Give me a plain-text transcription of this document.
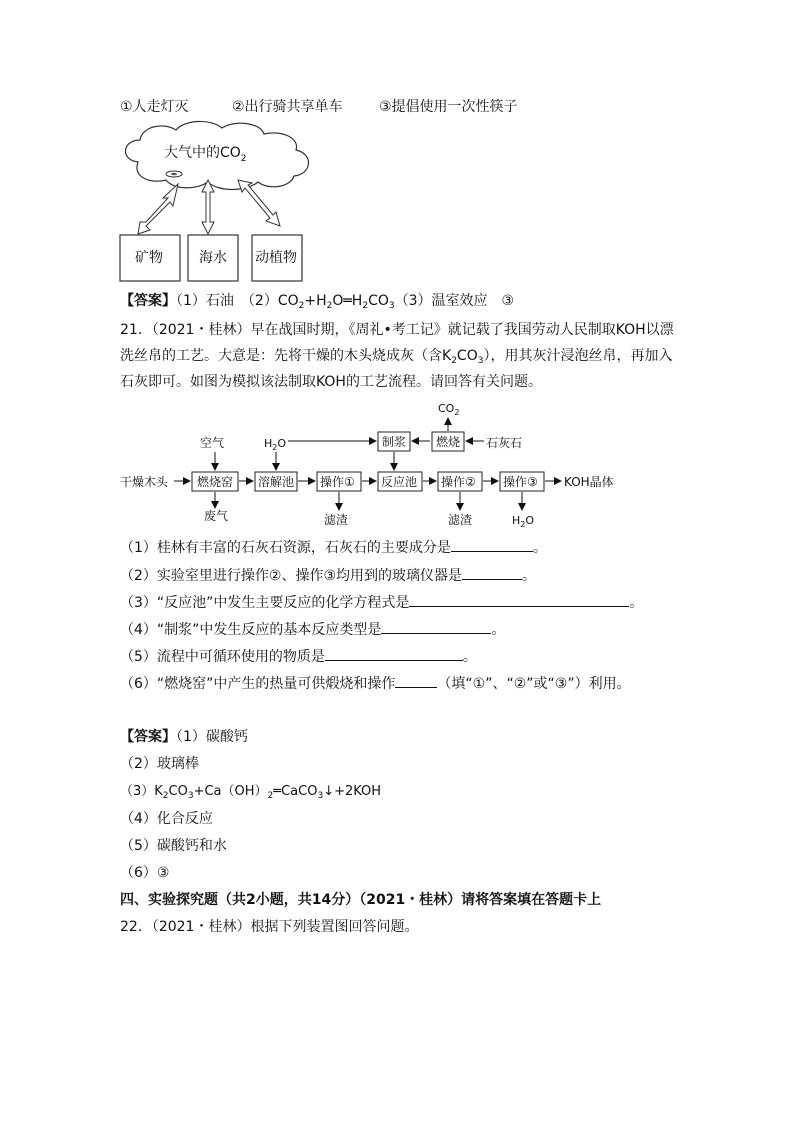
①人走灯灭	②出行骑共享单车	③提倡使用一次性筷子
大气中的$CO_2$
矿物	海水 动植物
【答案】（1）石油　$(2)CO_2+H_2O═H_2CO_3(3)$温室效应　③
21．（2021・桂林）早在战国时期，《周礼•考工记》就记载了我国劳动人民制取KOH以漂
洗丝帛的工艺。大意是：先将干燥的木头烧成灰（含$K_2CO_3$），用其灰汁浸泡丝帛，再加入
石灰即可。如图为模拟该法制取KOH的工艺流程。请回答有关问题。
$CO_2$
空气	$H_2O$	石灰石
干燥木头	KOH晶体
废气	滤渣	滤渣	$H_2O$
制浆 燃烧
燃烧窑 溶解池 操作① 反应池 操作② 操作③
（1）桂林有丰富的石灰石资源，石灰石的主要成分是	。
（2）实验室里进行操作②、操作③均用到的玻璃仪器是	。
（3）“反应池”中发生主要反应的化学方程式是	。
（4）“制浆”中发生反应的基本反应类型是	。
（5）流程中可循环使用的物质是	。
（6）“燃烧窑”中产生的热量可供煅烧和操作	（填“①”、“②”或“③”）利用。
【答案】（1）碳酸钙
（2）玻璃棒
$(3)K_2CO_3+Ca(OH)_2═CaCO_3↓+2KOH$
（4）化合反应
（5）碳酸钙和水
（6）③
四、实验探究题（共2小题，共14分）（2021・桂林）请将答案填在答题卡上
22．（2021・桂林）根据下列装置图回答问题。
